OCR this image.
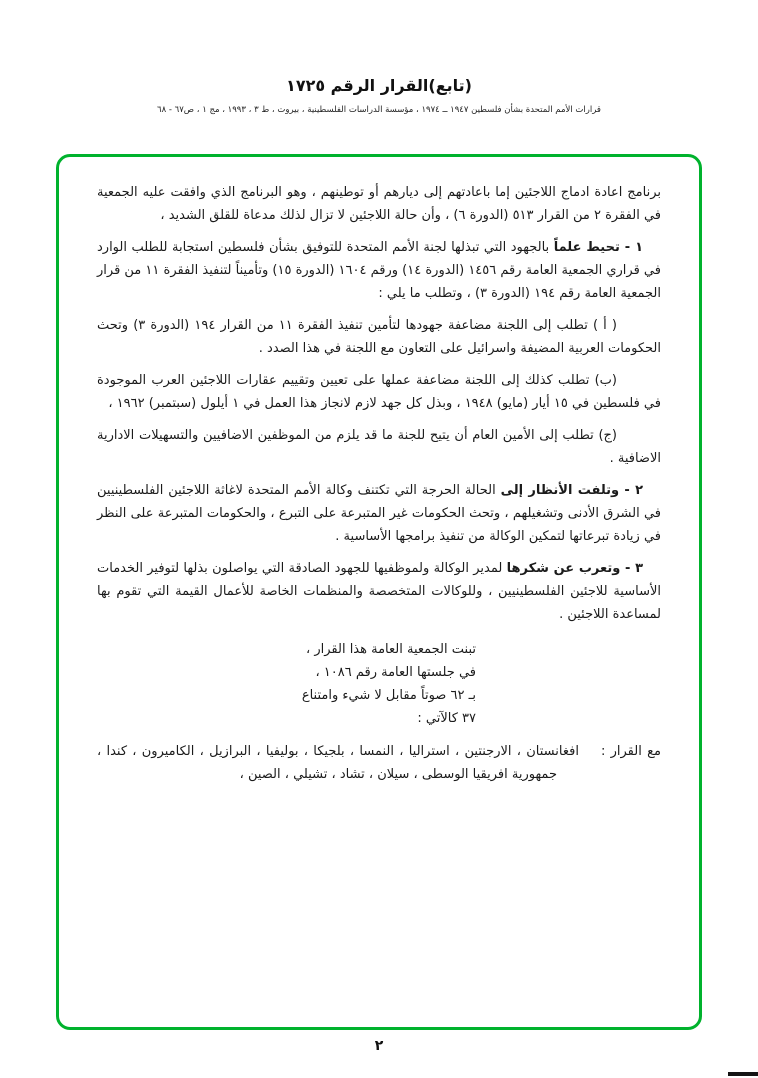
(تابع)القرار الرقم ١٧٢٥
قرارات الأمم المتحدة بشأن فلسطين ١٩٤٧ ــ ١٩٧٤ ، مؤسسة الدراسات الفلسطينية ، بيروت ، ط ٣ ، ١٩٩٣ ، مج ١ ، ص٦٧ - ٦٨

برنامج اعادة ادماج اللاجئين إما باعادتهم إلى ديارهم أو توطينهم ، وهو البرنامج الذي وافقت عليه الجمعية في الفقرة ٢ من القرار ٥١٣ (الدورة ٦) ، وأن حالة اللاجئين لا تزال لذلك مدعاة للقلق الشديد ،

١ - تحيط علماً بالجهود التي تبذلها لجنة الأمم المتحدة للتوفيق بشأن فلسطين استجابة للطلب الوارد في قراري الجمعية العامة رقم ١٤٥٦ (الدورة ١٤) ورقم ١٦٠٤ (الدورة ١٥) وتأميناً لتنفيذ الفقرة ١١ من قرار الجمعية العامة رقم ١٩٤ (الدورة ٣) ، وتطلب ما يلي :

( أ ) تطلب إلى اللجنة مضاعفة جهودها لتأمين تنفيذ الفقرة ١١ من القرار ١٩٤ (الدورة ٣) وتحث الحكومات العربية المضيفة واسرائيل على التعاون مع اللجنة في هذا الصدد .

(ب) تطلب كذلك إلى اللجنة مضاعفة عملها على تعيين وتقييم عقارات اللاجئين العرب الموجودة في فلسطين في ١٥ أيار (مايو) ١٩٤٨ ، وبذل كل جهد لازم لانجاز هذا العمل في ١ أيلول (سبتمبر) ١٩٦٢ ،

(ج) تطلب إلى الأمين العام أن يتيح للجنة ما قد يلزم من الموظفين الاضافيين والتسهيلات الادارية الاضافية .

٢ - وتلفت الأنظار إلى الحالة الحرجة التي تكتنف وكالة الأمم المتحدة لاغاثة اللاجئين الفلسطينيين في الشرق الأدنى وتشغيلهم ، وتحث الحكومات غير المتبرعة على التبرع ، والحكومات المتبرعة على النظر في زيادة تبرعاتها لتمكين الوكالة من تنفيذ برامجها الأساسية .

٣ - وتعرب عن شكرها لمدير الوكالة ولموظفيها للجهود الصادقة التي يواصلون بذلها لتوفير الخدمات الأساسية للاجئين الفلسطينيين ، وللوكالات المتخصصة والمنظمات الخاصة للأعمال القيمة التي تقوم بها لمساعدة اللاجئين .

تبنت الجمعية العامة هذا القرار ،
في جلستها العامة رقم ١٠٨٦ ،
بـ ٦٢ صوتاً مقابل لا شيء وامتناع
٣٧ كالآتي :
مع القرار :افغانستان ، الارجنتين ، استراليا ، النمسا ، بلجيكا ، بوليفيا ، البرازيل ، الكاميرون ، كندا ، جمهورية افريقيا الوسطى ، سيلان ، تشاد ، تشيلي ، الصين ،
٢
